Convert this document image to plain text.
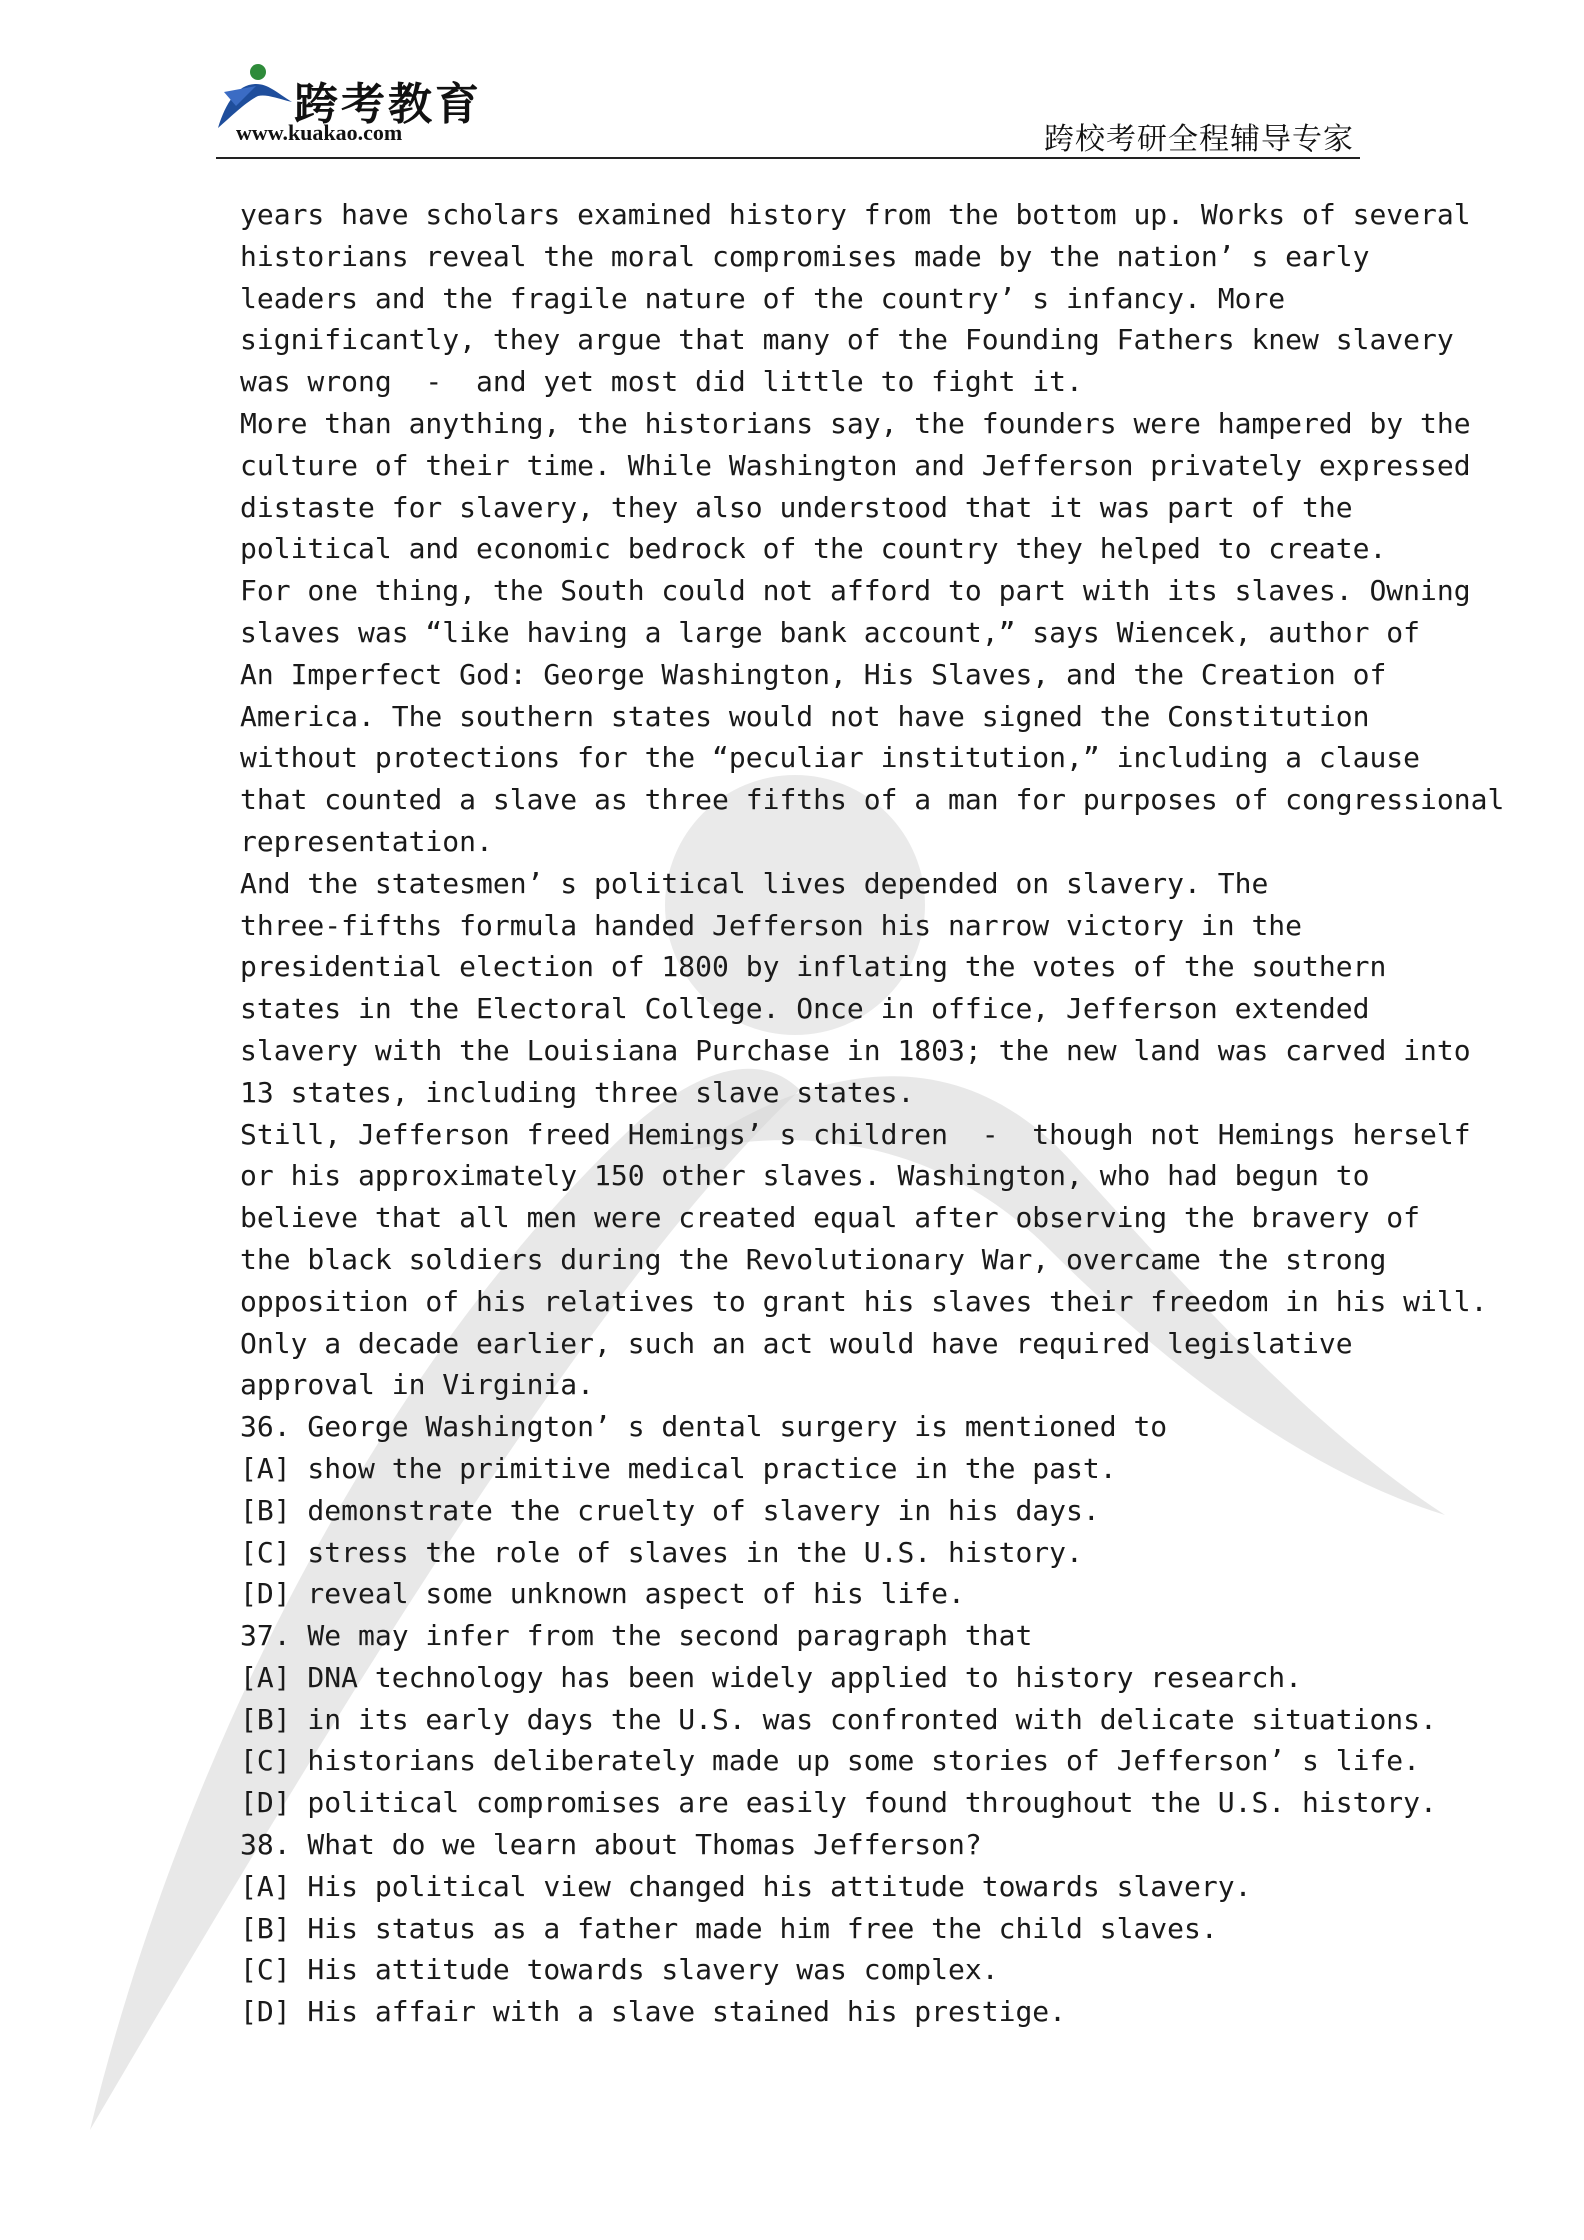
跨考教育
www.kuakao.com	跨校考研全程辅导专家
years have scholars examined history from the bottom up. Works of several
historians reveal the moral compromises made by the nation’ s early
leaders and the fragile nature of the country’ s infancy. More
significantly, they argue that many of the Founding Fathers knew slavery
was wrong  -  and yet most did little to fight it.
More than anything, the historians say, the founders were hampered by the
culture of their time. While Washington and Jefferson privately expressed
distaste for slavery, they also understood that it was part of the
political and economic bedrock of the country they helped to create.
For one thing, the South could not afford to part with its slaves. Owning
slaves was “like having a large bank account,” says Wiencek, author of
An Imperfect God: George Washington, His Slaves, and the Creation of
America. The southern states would not have signed the Constitution
without protections for the “peculiar institution,” including a clause
that counted a slave as three fifths of a man for purposes of congressional
representation.
And the statesmen’ s political lives depended on slavery. The
three-fifths formula handed Jefferson his narrow victory in the
presidential election of 1800 by inflating the votes of the southern
states in the Electoral College. Once in office, Jefferson extended
slavery with the Louisiana Purchase in 1803; the new land was carved into
13 states, including three slave states.
Still, Jefferson freed Hemings’ s children  -  though not Hemings herself
or his approximately 150 other slaves. Washington, who had begun to
believe that all men were created equal after observing the bravery of
the black soldiers during the Revolutionary War, overcame the strong
opposition of his relatives to grant his slaves their freedom in his will.
Only a decade earlier, such an act would have required legislative
approval in Virginia.
36. George Washington’ s dental surgery is mentioned to
[A] show the primitive medical practice in the past.
[B] demonstrate the cruelty of slavery in his days.
[C] stress the role of slaves in the U.S. history.
[D] reveal some unknown aspect of his life.
37. We may infer from the second paragraph that
[A] DNA technology has been widely applied to history research.
[B] in its early days the U.S. was confronted with delicate situations.
[C] historians deliberately made up some stories of Jefferson’ s life.
[D] political compromises are easily found throughout the U.S. history.
38. What do we learn about Thomas Jefferson?
[A] His political view changed his attitude towards slavery.
[B] His status as a father made him free the child slaves.
[C] His attitude towards slavery was complex.
[D] His affair with a slave stained his prestige.
